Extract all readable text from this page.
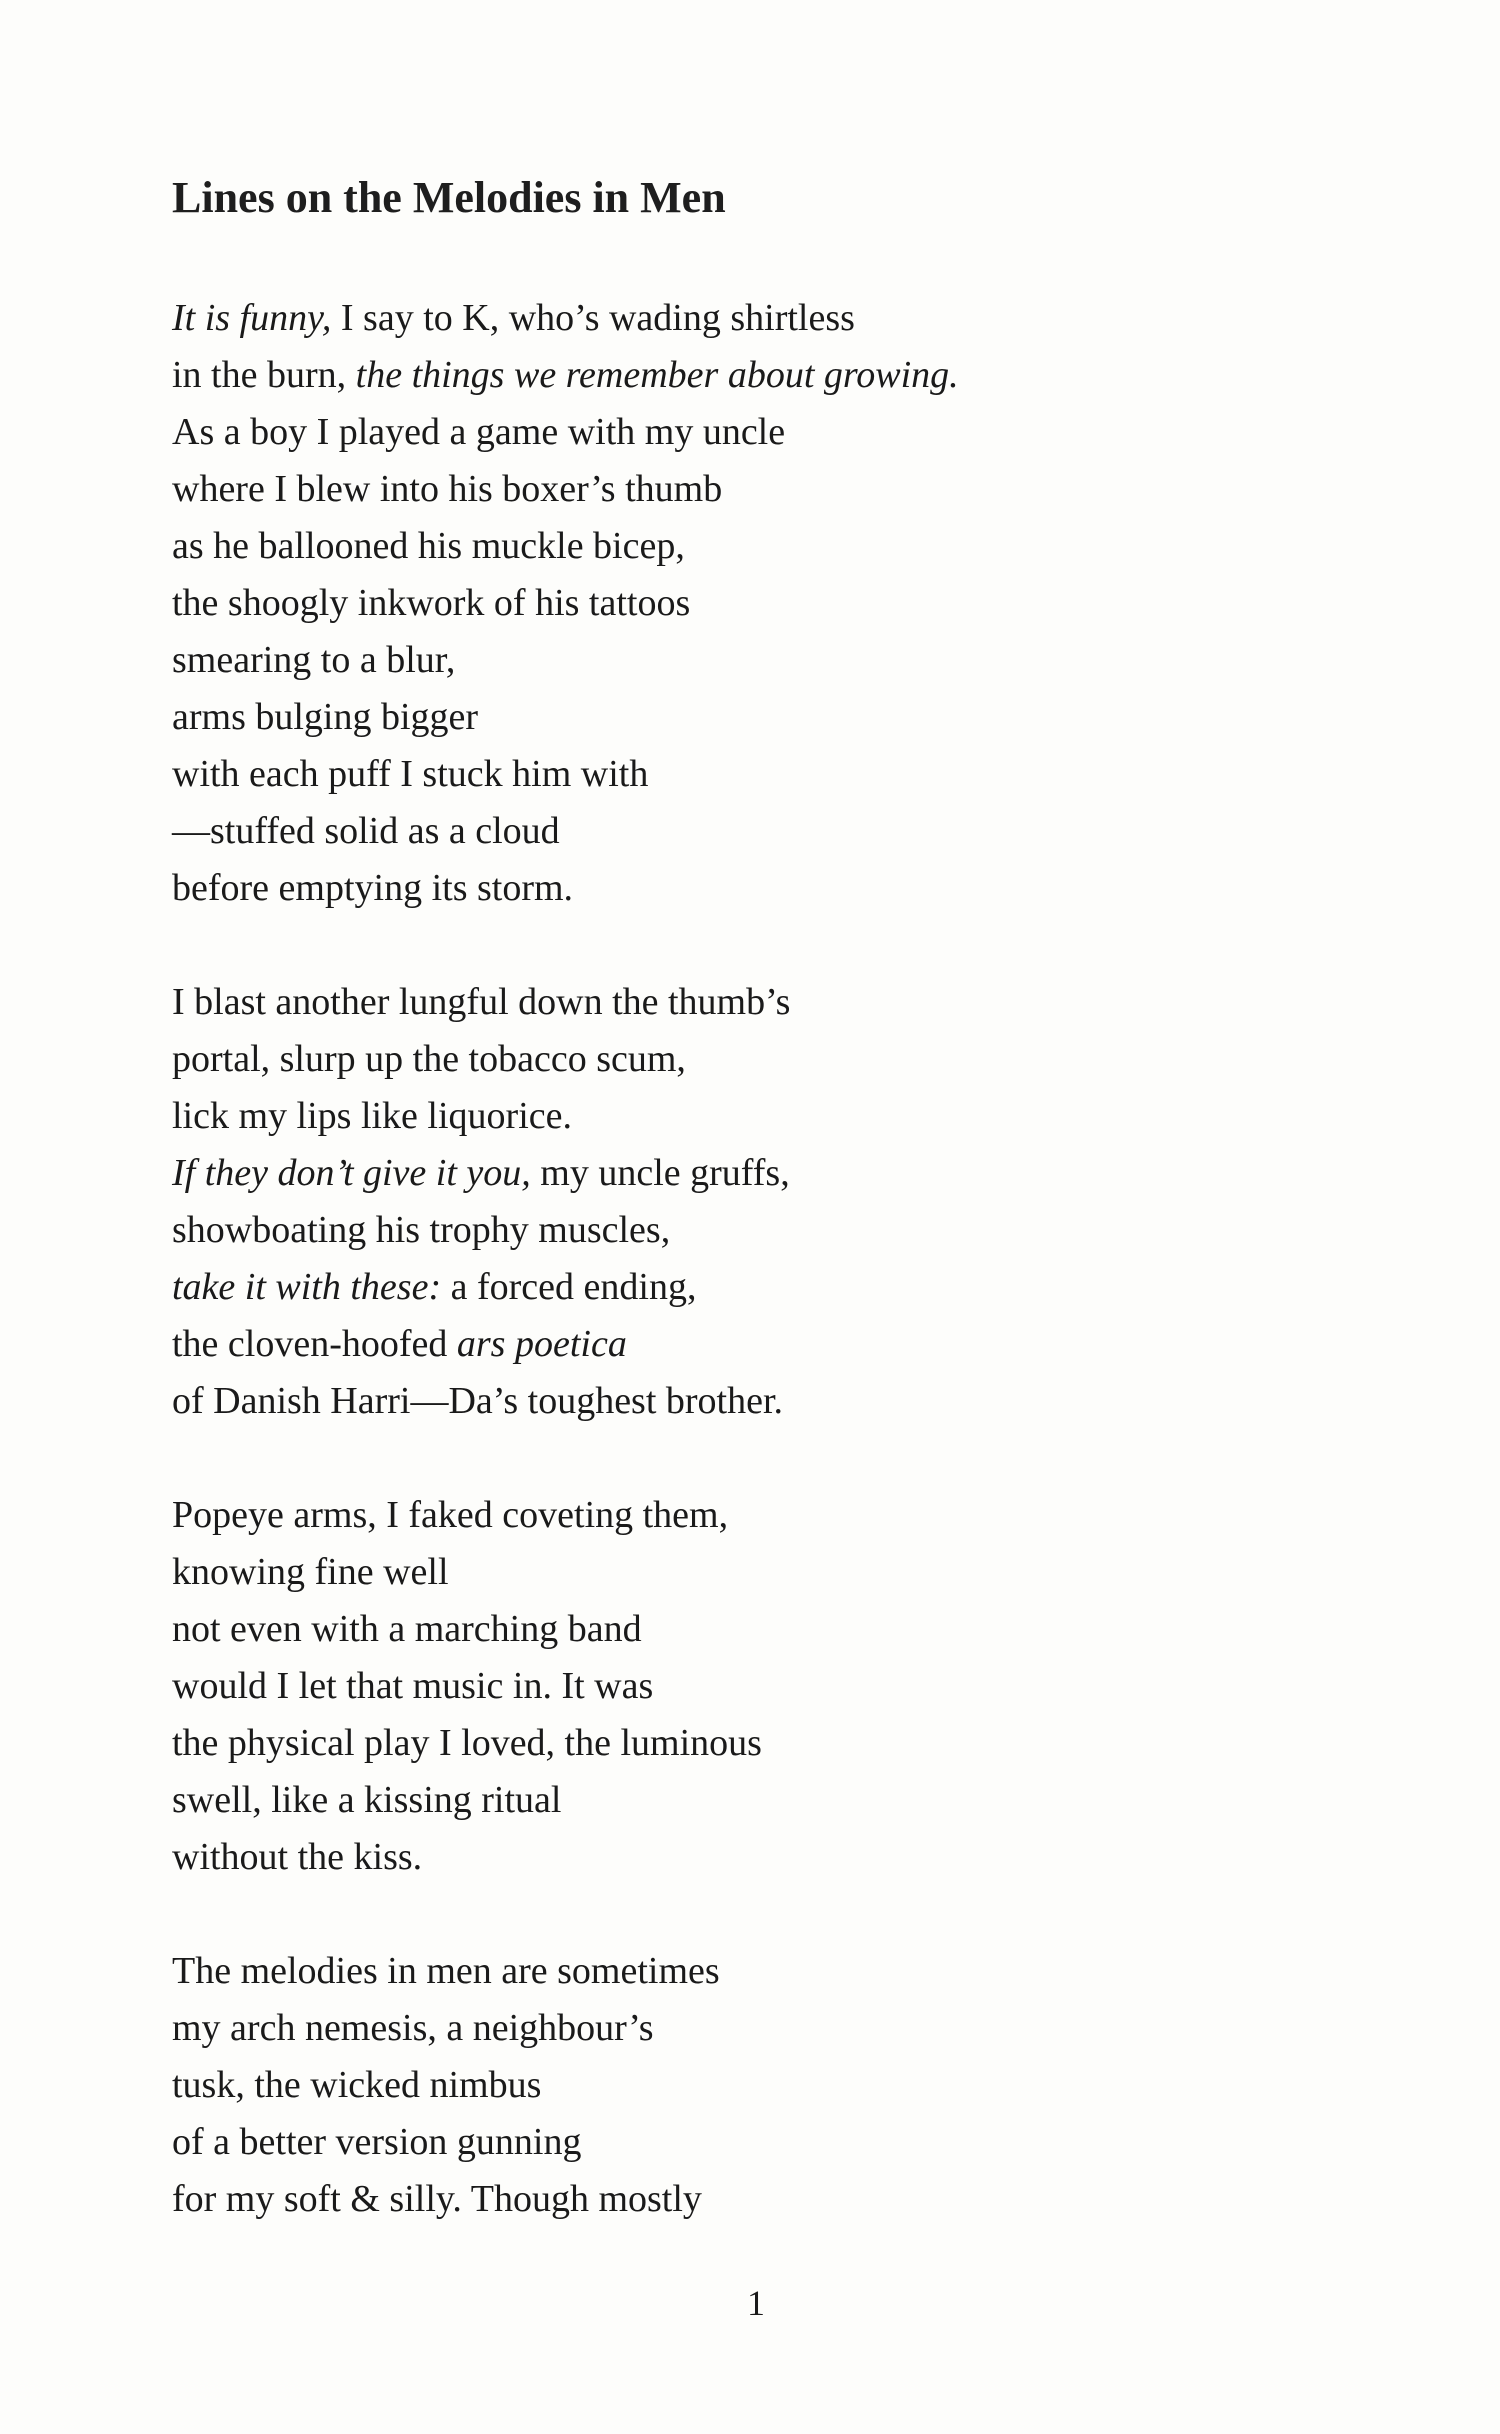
Lines on the Melodies in Men
It is funny, I say to K, who’s wading shirtless
in the burn, the things we remember about growing.
As a boy I played a game with my uncle
where I blew into his boxer’s thumb
as he ballooned his muckle bicep,
the shoogly inkwork of his tattoos
smearing to a blur,
arms bulging bigger
with each puff I stuck him with
—stuffed solid as a cloud
before emptying its storm.
I blast another lungful down the thumb’s
portal, slurp up the tobacco scum,
lick my lips like liquorice.
If they don’t give it you, my uncle gruffs,
showboating his trophy muscles,
take it with these: a forced ending,
the cloven-hoofed ars poetica
of Danish Harri—Da’s toughest brother.
Popeye arms, I faked coveting them,
knowing fine well
not even with a marching band
would I let that music in. It was
the physical play I loved, the luminous
swell, like a kissing ritual
without the kiss.
The melodies in men are sometimes
my arch nemesis, a neighbour’s
tusk, the wicked nimbus
of a better version gunning
for my soft & silly. Though mostly
1
